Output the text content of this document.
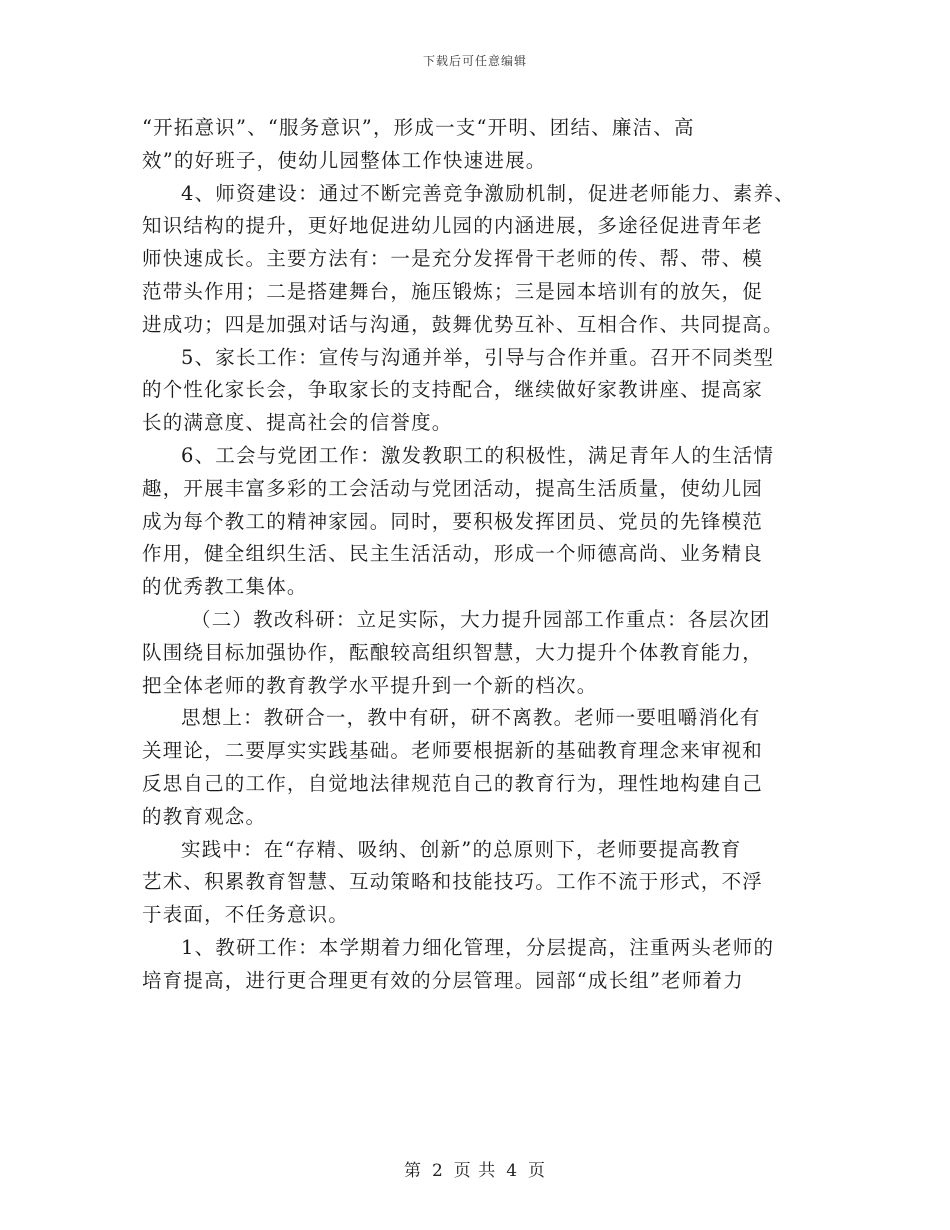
下载后可任意编辑
“开拓意识”、“服务意识”，形成一支“开明、团结、廉洁、高
效”的好班子，使幼儿园整体工作快速进展。
4、师资建设：通过不断完善竞争激励机制，促进老师能力、素养、
知识结构的提升，更好地促进幼儿园的内涵进展，多途径促进青年老
师快速成长。主要方法有：一是充分发挥骨干老师的传、帮、带、模
范带头作用；二是搭建舞台，施压锻炼；三是园本培训有的放矢，促
进成功；四是加强对话与沟通，鼓舞优势互补、互相合作、共同提高。
5、家长工作：宣传与沟通并举，引导与合作并重。召开不同类型
的个性化家长会，争取家长的支持配合，继续做好家教讲座、提高家
长的满意度、提高社会的信誉度。
6、工会与党团工作：激发教职工的积极性，满足青年人的生活情
趣，开展丰富多彩的工会活动与党团活动，提高生活质量，使幼儿园
成为每个教工的精神家园。同时，要积极发挥团员、党员的先锋模范
作用，健全组织生活、民主生活活动，形成一个师德高尚、业务精良
的优秀教工集体。
（二）教改科研：立足实际，大力提升园部工作重点：各层次团
队围绕目标加强协作，酝酿较高组织智慧，大力提升个体教育能力，
把全体老师的教育教学水平提升到一个新的档次。
思想上：教研合一，教中有研，研不离教。老师一要咀嚼消化有
关理论，二要厚实实践基础。老师要根据新的基础教育理念来审视和
反思自己的工作，自觉地法律规范自己的教育行为，理性地构建自己
的教育观念。
实践中：在“存精、吸纳、创新”的总原则下，老师要提高教育
艺术、积累教育智慧、互动策略和技能技巧。工作不流于形式，不浮
于表面，不任务意识。
1、教研工作：本学期着力细化管理，分层提高，注重两头老师的
培育提高，进行更合理更有效的分层管理。园部“成长组”老师着力
第 2 页 共 4 页
